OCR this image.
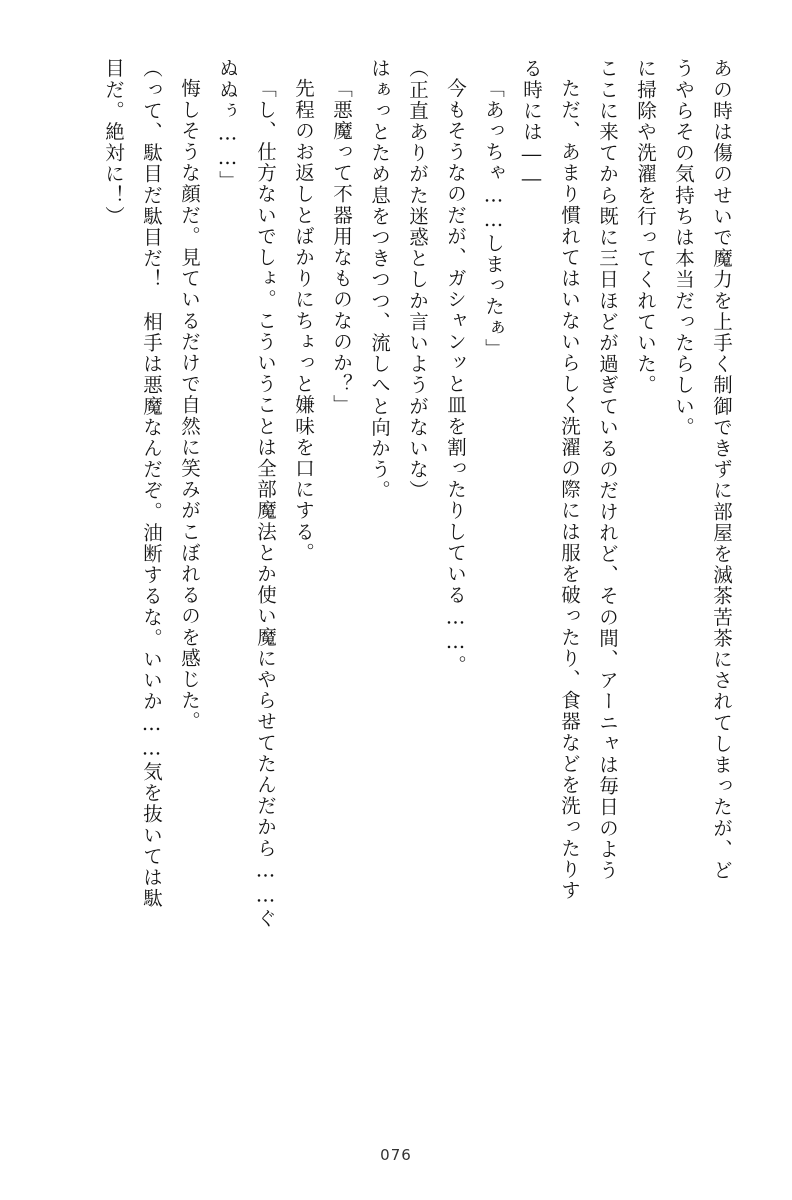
あの時は傷のせいで魔力を上手く制御できずに部屋を滅茶苦茶にされてしまったが、ど
うやらその気持ちは本当だったらしい。
に掃除や洗濯を行ってくれていた。
ここに来てから既に三日ほどが過ぎているのだけれど、その間、アーニャは毎日のよう
ただ、あまり慣れてはいないらしく洗濯の際には服を破ったり、食器などを洗ったりす
る時には――
「あっちゃ……しまったぁ」
今もそうなのだが、ガシャンッと皿を割ったりしている……。
（正直ありがた迷惑としか言いようがないな）
はぁっとため息をつきつつ、流しへと向かう。
「悪魔って不器用なものなのか？」
先程のお返しとばかりにちょっと嫌味を口にする。
「し、仕方ないでしょ。こういうことは全部魔法とか使い魔にやらせてたんだから……ぐ
ぬぬぅ……」
悔しそうな顔だ。見ているだけで自然に笑みがこぼれるのを感じた。
（って、駄目だ駄目だ！　相手は悪魔なんだぞ。油断するな。いいか……気を抜いては駄
目だ。絶対に！）
076
